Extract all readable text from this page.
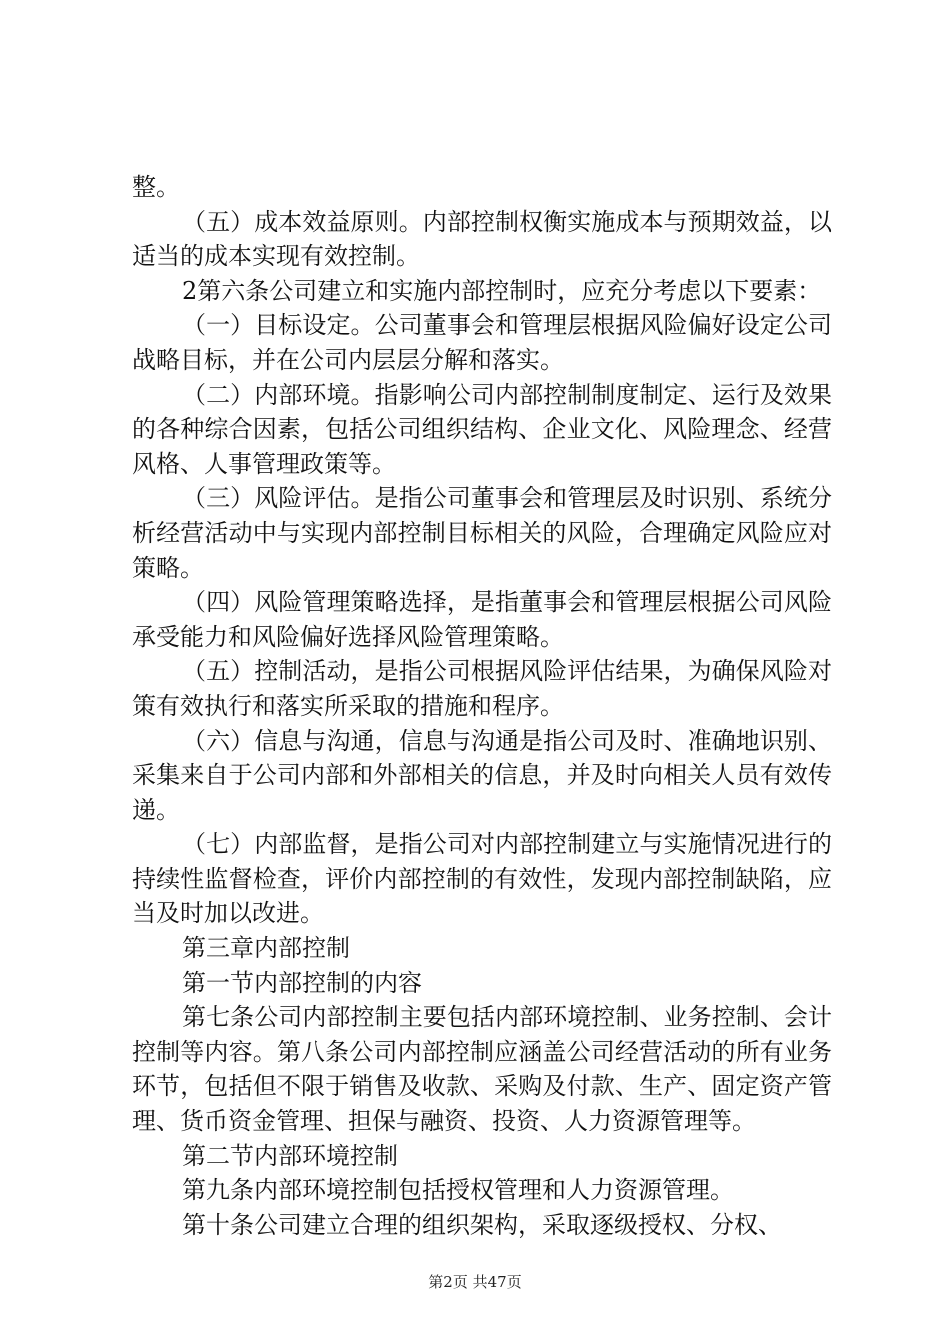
整。

（五）成本效益原则。内部控制权衡实施成本与预期效益，以适当的成本实现有效控制。

2第六条公司建立和实施内部控制时，应充分考虑以下要素：

（一）目标设定。公司董事会和管理层根据风险偏好设定公司战略目标，并在公司内层层分解和落实。

（二）内部环境。指影响公司内部控制制度制定、运行及效果的各种综合因素，包括公司组织结构、企业文化、风险理念、经营风格、人事管理政策等。

（三）风险评估。是指公司董事会和管理层及时识别、系统分析经营活动中与实现内部控制目标相关的风险，合理确定风险应对策略。

（四）风险管理策略选择，是指董事会和管理层根据公司风险承受能力和风险偏好选择风险管理策略。

（五）控制活动，是指公司根据风险评估结果，为确保风险对策有效执行和落实所采取的措施和程序。

（六）信息与沟通，信息与沟通是指公司及时、准确地识别、采集来自于公司内部和外部相关的信息，并及时向相关人员有效传递。

（七）内部监督，是指公司对内部控制建立与实施情况进行的持续性监督检查，评价内部控制的有效性，发现内部控制缺陷，应当及时加以改进。

第三章内部控制

第一节内部控制的内容

第七条公司内部控制主要包括内部环境控制、业务控制、会计控制等内容。第八条公司内部控制应涵盖公司经营活动的所有业务环节，包括但不限于销售及收款、采购及付款、生产、固定资产管理、货币资金管理、担保与融资、投资、人力资源管理等。

第二节内部环境控制

第九条内部环境控制包括授权管理和人力资源管理。

第十条公司建立合理的组织架构，采取逐级授权、分权、

第2页 共47页
